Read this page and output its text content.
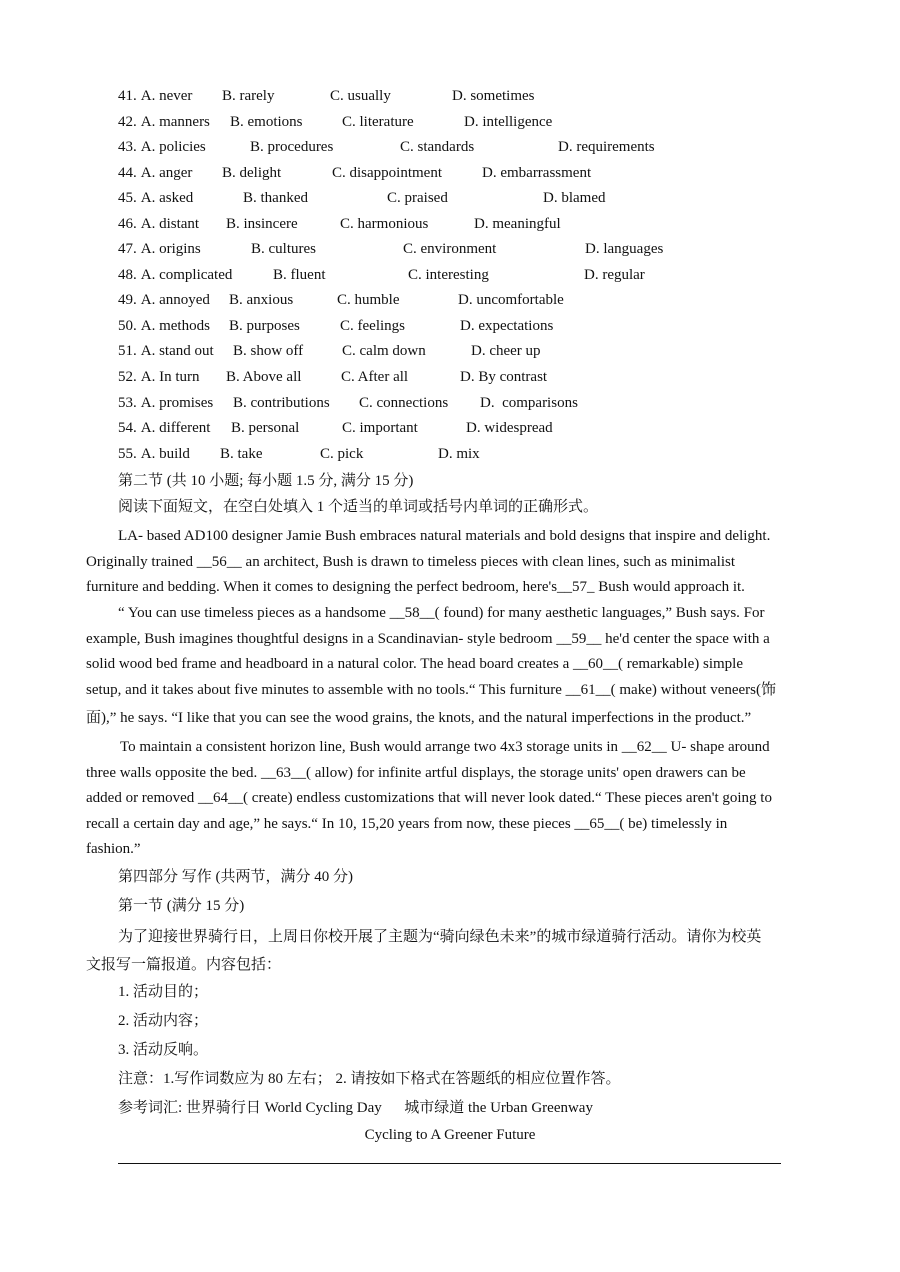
41. A. never B. rarely	C. usually	D. sometimes
42. A. manners B. emotions	C. literature	D. intelligence
43. A. policies	B. procedures	C. standards	D. requirements
44. A. anger B. delight	C. disappointment	D. embarrassment
45. A. asked	B. thanked	C. praised	D. blamed
46. A. distant B. insincere	C. harmonious	D. meaningful
47. A. origins	B. cultures	C. environment	D. languages
48. A. complicated	B. fluent	C. interesting	D. regular
49. A. annoyed B. anxious	C. humble	D. uncomfortable
50. A. methods B. purposes	C. feelings	D. expectations
51. A. stand out B. show off	C. calm down	D. cheer up
52. A. In turn B. Above all	C. After all	D. By contrast
53. A. promises B. contributions C. connections D.  comparisons
54. A. different B. personal	C. important	D. widespread
55. A. build B. take	C. pick	D. mix
第二节 (共 10 小题; 每小题 1.5 分, 满分 15 分)
阅读下面短文，在空白处填入 1 个适当的单词或括号内单词的正确形式。
LA- based AD100 designer Jamie Bush embraces natural materials and bold designs that inspire and delight.
Originally trained __56__ an architect, Bush is drawn to timeless pieces with clean lines, such as minimalist
furniture and bedding. When it comes to designing the perfect bedroom, here's__57_ Bush would approach it.
“ You can use timeless pieces as a handsome __58__( found) for many aesthetic languages,” Bush says. For
example, Bush imagines thoughtful designs in a Scandinavian- style bedroom __59__ he'd center the space with a
solid wood bed frame and headboard in a natural color. The head board creates a __60__( remarkable) simple
setup, and it takes about five minutes to assemble with no tools.“ This furniture __61__( make) without veneers(饰
面),” he says. “I like that you can see the wood grains, the knots, and the natural imperfections in the product.”
To maintain a consistent horizon line, Bush would arrange two 4x3 storage units in __62__ U- shape around
three walls opposite the bed. __63__( allow) for infinite artful displays, the storage units' open drawers can be
added or removed __64__( create) endless customizations that will never look dated.“ These pieces aren't going to
recall a certain day and age,” he says.“ In 10, 15,20 years from now, these pieces __65__( be) timelessly in
fashion.”
第四部分 写作 (共两节，满分 40 分)
第一节 (满分 15 分)
为了迎接世界骑行日，上周日你校开展了主题为“骑向绿色未来”的城市绿道骑行活动。请你为校英
文报写一篇报道。内容包括：
1. 活动目的；
2. 活动内容；
3. 活动反响。
注意：1.写作词数应为 80 左右； 2. 请按如下格式在答题纸的相应位置作答。
参考词汇: 世界骑行日 World Cycling Day      城市绿道 the Urban Greenway
Cycling to A Greener Future
